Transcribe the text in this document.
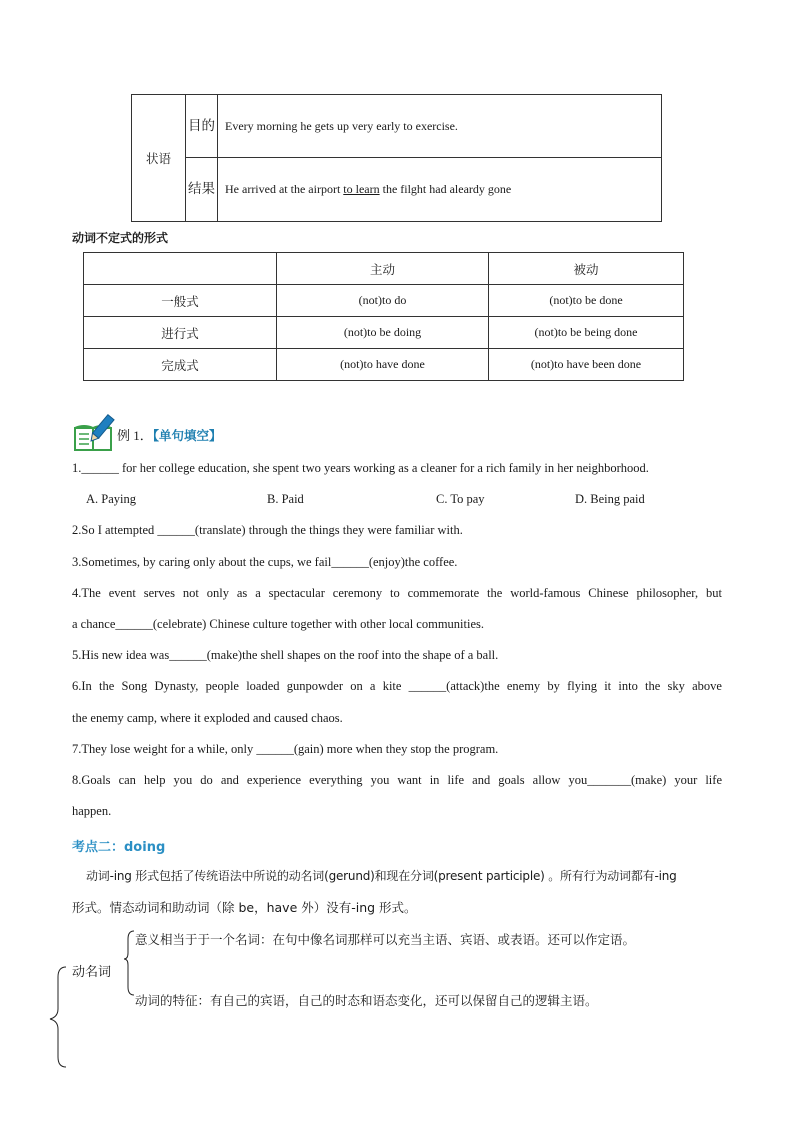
状语	目的	Every morning he gets up very early to exercise.
	结果	He arrived at the airport to learn the filght had aleardy gone
动词不定式的形式
	主动	被动
一般式	(not)to do	(not)to be done
进行式	(not)to be doing	(not)to be being done
完成式	(not)to have done	(not)to have been done
例 1．【单句填空】
1.______ for her college education, she spent two years working as a cleaner for a rich family in her neighborhood.
A. Paying	B. Paid	C. To pay	D. Being paid
2.So I attempted ______(translate) through the things they were familiar with.
3.Sometimes, by caring only about the cups, we fail______(enjoy)the coffee.
4.The event serves not only as a spectacular ceremony to commemorate the world-famous Chinese philosopher, but
a chance______(celebrate) Chinese culture together with other local communities.
5.His new idea was______(make)the shell shapes on the roof into the shape of a ball.
6.In the Song Dynasty, people loaded gunpowder on a kite ______(attack)the enemy by flying it into the sky above
the enemy camp, where it exploded and caused chaos.
7.They lose weight for a while, only ______(gain) more when they stop the program.
8.Goals can help you do and experience everything you want in life and goals allow you_______(make) your life
happen.
考点二：doing
动词-ing 形式包括了传统语法中所说的动名词(gerund)和现在分词(present participle) 。所有行为动词都有-ing
形式。情态动词和助动词（除 be，have 外）没有-ing 形式。
动名词
意义相当于于一个名词：在句中像名词那样可以充当主语、宾语、或表语。还可以作定语。
动词的特征：有自己的宾语，自己的时态和语态变化，还可以保留自己的逻辑主语。
